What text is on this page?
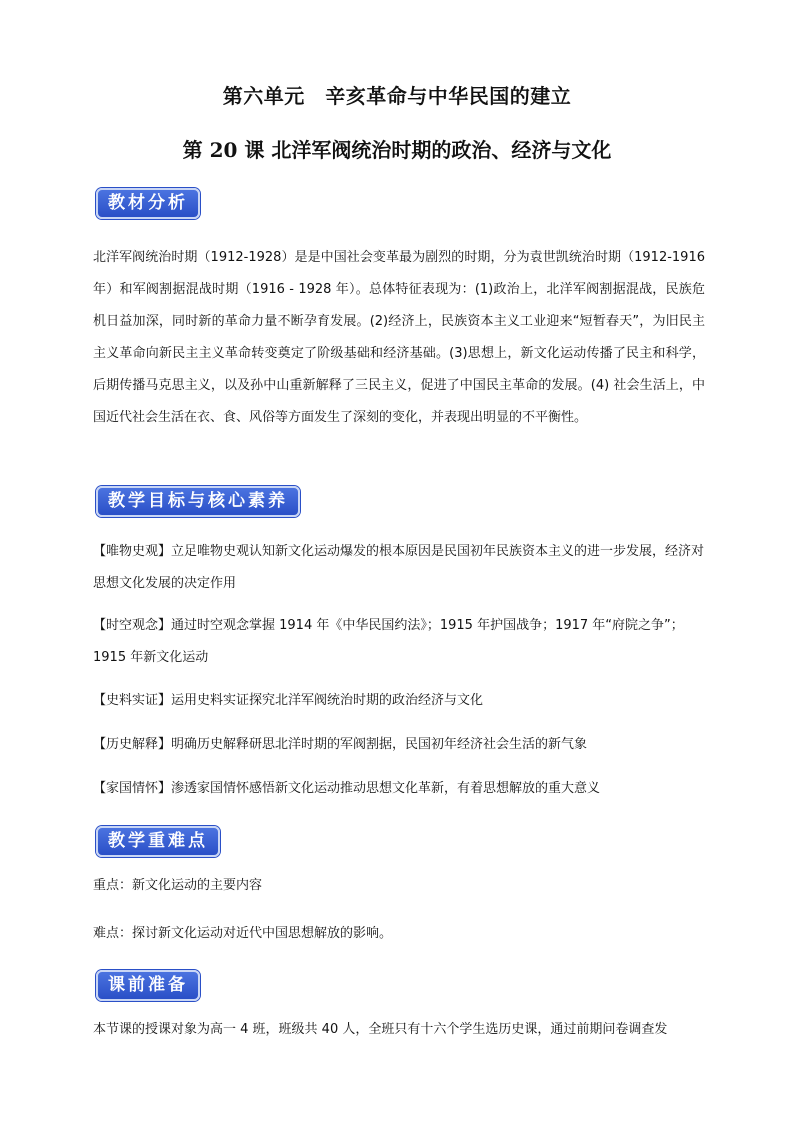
第六单元　辛亥革命与中华民国的建立
第 20 课 北洋军阀统治时期的政治、经济与文化
教材分析
北洋军阀统治时期（1912-1928）是是中国社会变革最为剧烈的时期，分为袁世凯统治时期（1912-1916 年）和军阀割据混战时期（1916 - 1928 年）。总体特征表现为：(1)政治上，北洋军阀割据混战，民族危机日益加深，同时新的革命力量不断孕育发展。(2)经济上，民族资本主义工业迎来“短暂春天”，为旧民主主义革命向新民主主义革命转变奠定了阶级基础和经济基础。(3)思想上，新文化运动传播了民主和科学，后期传播马克思主义，以及孙中山重新解释了三民主义，促进了中国民主革命的发展。(4) 社会生活上，中国近代社会生活在衣、食、风俗等方面发生了深刻的变化，并表现出明显的不平衡性。
教学目标与核心素养
【唯物史观】立足唯物史观认知新文化运动爆发的根本原因是民国初年民族资本主义的进一步发展，经济对思想文化发展的决定作用
【时空观念】通过时空观念掌握 1914 年《中华民国约法》；1915 年护国战争；1917 年“府院之争”；1915 年新文化运动
【史料实证】运用史料实证探究北洋军阀统治时期的政治经济与文化
【历史解释】明确历史解释研思北洋时期的军阀割据，民国初年经济社会生活的新气象
【家国情怀】渗透家国情怀感悟新文化运动推动思想文化革新，有着思想解放的重大意义
教学重难点
重点：新文化运动的主要内容
难点：探讨新文化运动对近代中国思想解放的影响。
课前准备
本节课的授课对象为高一 4 班，班级共 40 人，全班只有十六个学生选历史课，通过前期问卷调查发
